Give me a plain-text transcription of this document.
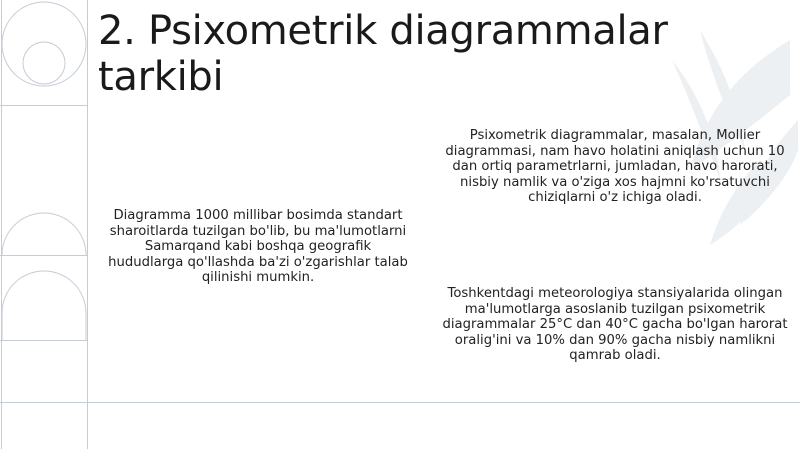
2. Psixometrik diagrammalar tarkibi

Diagramma 1000 millibar bosimda standart sharoitlarda tuzilgan bo'lib, bu ma'lumotlarni Samarqand kabi boshqa geografik hududlarga qo'llashda ba'zi o'zgarishlar talab qilinishi mumkin.

Psixometrik diagrammalar, masalan, Mollier diagrammasi, nam havo holatini aniqlash uchun 10 dan ortiq parametrlarni, jumladan, havo harorati, nisbiy namlik va o'ziga xos hajmni ko'rsatuvchi chiziqlarni o'z ichiga oladi.

Toshkentdagi meteorologiya stansiyalarida olingan ma'lumotlarga asoslanib tuzilgan psixometrik diagrammalar 25°C dan 40°C gacha bo'lgan harorat oralig'ini va 10% dan 90% gacha nisbiy namlikni qamrab oladi.
